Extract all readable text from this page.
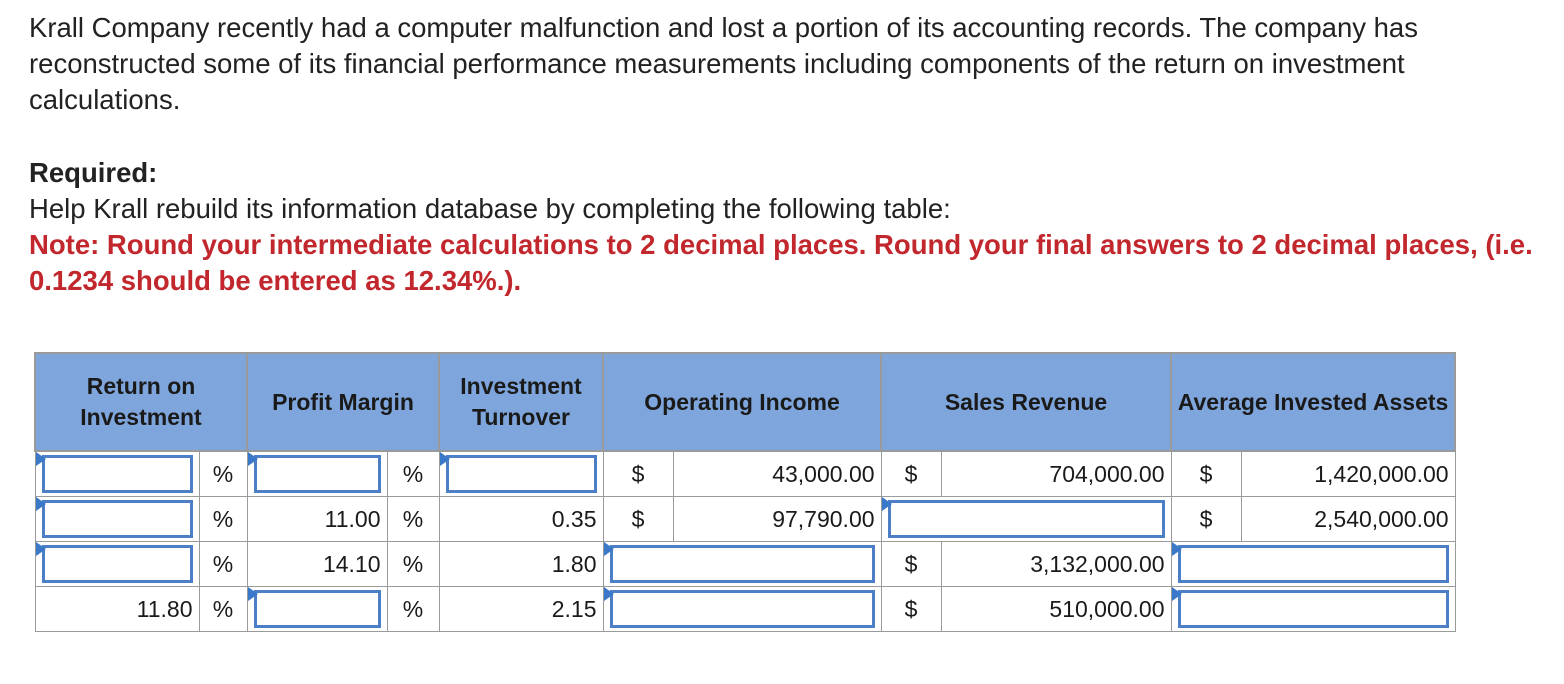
Krall Company recently had a computer malfunction and lost a portion of its accounting records. The company has reconstructed some of its financial performance measurements including components of the return on investment calculations.
Required:
Help Krall rebuild its information database by completing the following table:
Note: Round your intermediate calculations to 2 decimal places. Round your final answers to 2 decimal places, (i.e. 0.1234 should be entered as 12.34%.).
Return on Investment		Profit Margin		Investment Turnover	Operating Income		Sales Revenue		Average Invested Assets	

	%		%		$	43,000.00	$	704,000.00	$	1,420,000.00

	%	11.00	%	0.35	$	97,790.00			$	2,540,000.00

	%	14.10	%	1.80			$	3,132,000.00		

11.80	%		%	2.15			$	510,000.00		
